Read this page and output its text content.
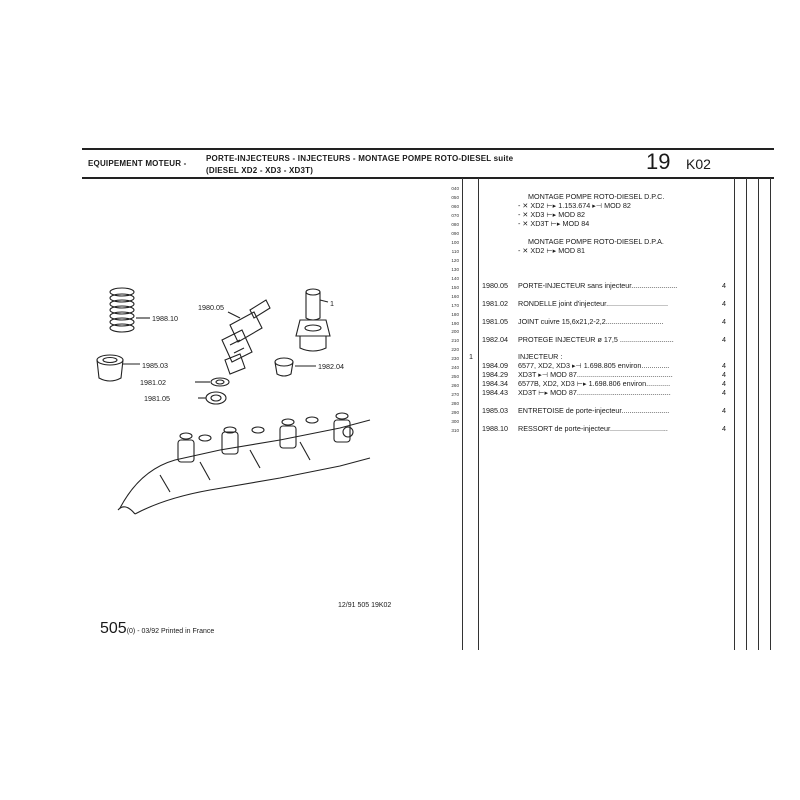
EQUIPEMENT MOTEUR -
PORTE-INJECTEURS - INJECTEURS - MONTAGE POMPE ROTO-DIESEL suite
(DIESEL XD2 - XD3 - XD3T)	19 K02
040
050
060
070
080
090
100
110
120
130
140
150
160
170
180
190
200
210
220
230
240
250
260
270
280
290
300
310
MONTAGE POMPE ROTO-DIESEL D.P.C.
- ✕ XD2 ⊢▸ 1.153.674 ▸⊣ MOD 82
- ✕ XD3 ⊢▸ MOD 82
- ✕ XD3T ⊢▸ MOD 84
MONTAGE POMPE ROTO-DIESEL D.P.A.
- ✕ XD2 ⊢▸ MOD 81
1980.05 PORTE-INJECTEUR sans injecteur.......................	4
1981.02 RONDELLE joint d'injecteur...............................	4
1981.05 JOINT cuivre 15,6x21,2-2,2.............................	4
1982.04 PROTEGE INJECTEUR ø 17,5 ...........................	4
1	INJECTEUR :
1984.09 6577, XD2, XD3 ▸⊣ 1.698.805 environ..............	4
1984.29 XD3T ▸⊣ MOD 87................................................	4
1984.34 6577B, XD2, XD3 ⊢▸ 1.698.806 environ............	4
1984.43 XD3T ⊢▸ MOD 87...............................................	4
1985.03 ENTRETOISE de porte-injecteur........................	4
1988.10 RESSORT de porte-injecteur.............................	4
1980.05	1
1988.10
1985.03	1982.04
1981.02
1981.05
12/91 505 19K02
505(0) - 03/92 Printed in France
